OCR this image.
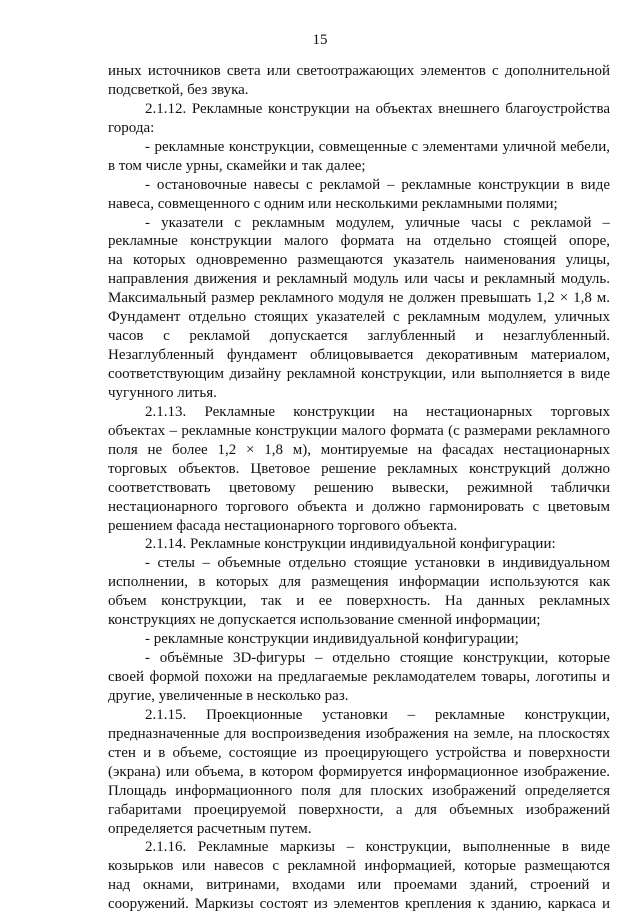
15
иных источников света или светоотражающих элементов с дополнительной
подсветкой, без звука.
2.1.12. Рекламные конструкции на объектах внешнего благоустройства
города:
- рекламные конструкции, совмещенные с элементами уличной мебели,
в том числе урны, скамейки и так далее;
- остановочные навесы с рекламой – рекламные конструкции в виде
навеса, совмещенного с одним или несколькими рекламными полями;
- указатели с рекламным модулем, уличные часы с рекламой –
рекламные конструкции малого формата на отдельно стоящей опоре,
на которых одновременно размещаются указатель наименования улицы,
направления движения и рекламный модуль или часы и рекламный модуль.
Максимальный размер рекламного модуля не должен превышать 1,2 × 1,8 м.
Фундамент отдельно стоящих указателей с рекламным модулем, уличных
часов с рекламой допускается заглубленный и незаглубленный.
Незаглубленный фундамент облицовывается декоративным материалом,
соответствующим дизайну рекламной конструкции, или выполняется в виде
чугунного литья.
2.1.13. Рекламные конструкции на нестационарных торговых
объектах – рекламные конструкции малого формата (с размерами рекламного
поля не более 1,2 × 1,8 м), монтируемые на фасадах нестационарных
торговых объектов. Цветовое решение рекламных конструкций должно
соответствовать цветовому решению вывески, режимной таблички
нестационарного торгового объекта и должно гармонировать с цветовым
решением фасада нестационарного торгового объекта.
2.1.14. Рекламные конструкции индивидуальной конфигурации:
- стелы – объемные отдельно стоящие установки в индивидуальном
исполнении, в которых для размещения информации используются как
объем конструкции, так и ее поверхность. На данных рекламных
конструкциях не допускается использование сменной информации;
- рекламные конструкции индивидуальной конфигурации;
- объёмные 3D-фигуры – отдельно стоящие конструкции, которые
своей формой похожи на предлагаемые рекламодателем товары, логотипы и
другие, увеличенные в несколько раз.
2.1.15. Проекционные установки – рекламные конструкции,
предназначенные для воспроизведения изображения на земле, на плоскостях
стен и в объеме, состоящие из проецирующего устройства и поверхности
(экрана) или объема, в котором формируется информационное изображение.
Площадь информационного поля для плоских изображений определяется
габаритами проецируемой поверхности, а для объемных изображений
определяется расчетным путем.
2.1.16. Рекламные маркизы – конструкции, выполненные в виде
козырьков или навесов с рекламной информацией, которые размещаются
над окнами, витринами, входами или проемами зданий, строений и
сооружений. Маркизы состоят из элементов крепления к зданию, каркаса и
